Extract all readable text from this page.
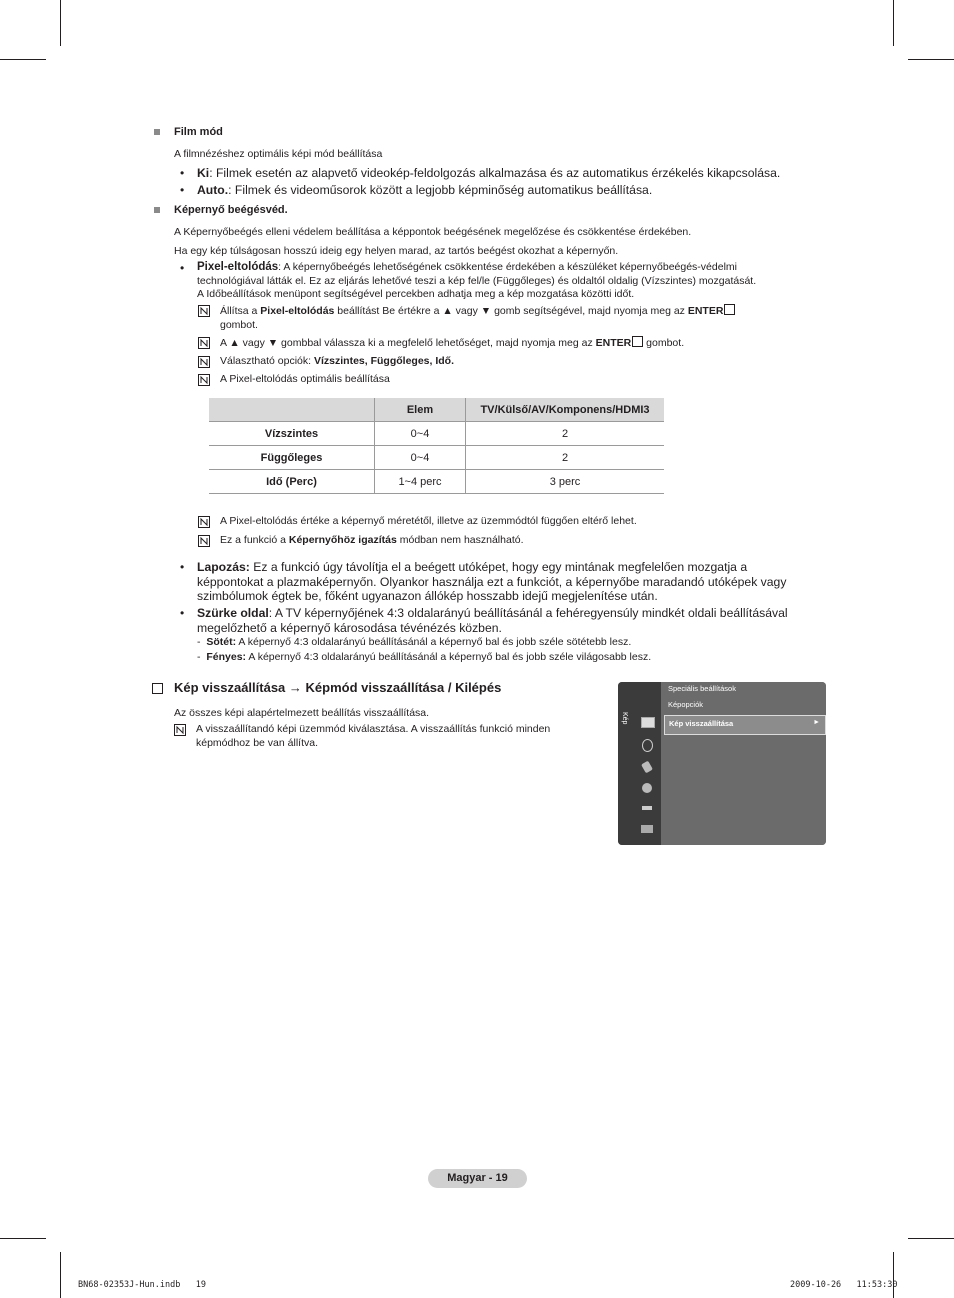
Film mód
A filmnézéshez optimális képi mód beállítása
• Ki: Filmek esetén az alapvető videokép-feldolgozás alkalmazása és az automatikus érzékelés kikapcsolása.
• Auto.: Filmek és videoműsorok között a legjobb képminőség automatikus beállítása.
Képernyő beégésvéd.
A Képernyőbeégés elleni védelem beállítása a képpontok beégésének megelőzése és csökkentése érdekében.
Ha egy kép túlságosan hosszú ideig egy helyen marad, az tartós beégést okozhat a képernyőn.
• Pixel-eltolódás: A képernyőbeégés lehetőségének csökkentése érdekében a készüléket képernyőbeégés-védelmi
technológiával látták el. Ez az eljárás lehetővé teszi a kép fel/le (Függőleges) és oldaltól oldalig (Vízszintes) mozgatását.
A Időbeállítások menüpont segítségével percekben adhatja meg a kép mozgatása közötti időt.
Állítsa a Pixel-eltolódás beállítást Be értékre a ▲ vagy ▼ gomb segítségével, majd nyomja meg az ENTER
gombot.
A ▲ vagy ▼ gombbal válassza ki a megfelelő lehetőséget, majd nyomja meg az ENTER gombot.
Választható opciók: Vízszintes, Függőleges, Idő.
A Pixel-eltolódás optimális beállítása
	Elem	TV/Külső/AV/Komponens/HDMI3
Vízszintes	0~4	2
Függőleges	0~4	2
Idő (Perc)	1~4 perc	3 perc
A Pixel-eltolódás értéke a képernyő méretétől, illetve az üzemmódtól függően eltérő lehet.
Ez a funkció a Képernyőhöz igazítás módban nem használható.
• Lapozás: Ez a funkció úgy távolítja el a beégett utóképet, hogy egy mintának megfelelően mozgatja a
képpontokat a plazmaképernyőn. Olyankor használja ezt a funkciót, a képernyőbe maradandó utóképek vagy
szimbólumok égtek be, főként ugyanazon állókép hosszabb idejű megjelenítése után.
• Szürke oldal: A TV képernyőjének 4:3 oldalarányú beállításánál a fehéregyensúly mindkét oldali beállításával
megelőzhető a képernyő károsodása tévénézés közben.
-  Sötét: A képernyő 4:3 oldalarányú beállításánál a képernyő bal és jobb széle sötétebb lesz.
-  Fényes: A képernyő 4:3 oldalarányú beállításánál a képernyő bal és jobb széle világosabb lesz.
Kép visszaállítása → Képmód visszaállítása / Kilépés
Az összes képi alapértelmezett beállítás visszaállítása.
A visszaállítandó képi üzemmód kiválasztása. A visszaállítás funkció minden
képmódhoz be van állítva.
Kép
Speciális beállítások
Képopciók
Kép visszaállítása	►
Magyar - 19
BN68-02353J-Hun.indb   19	2009-10-26   11:53:30
